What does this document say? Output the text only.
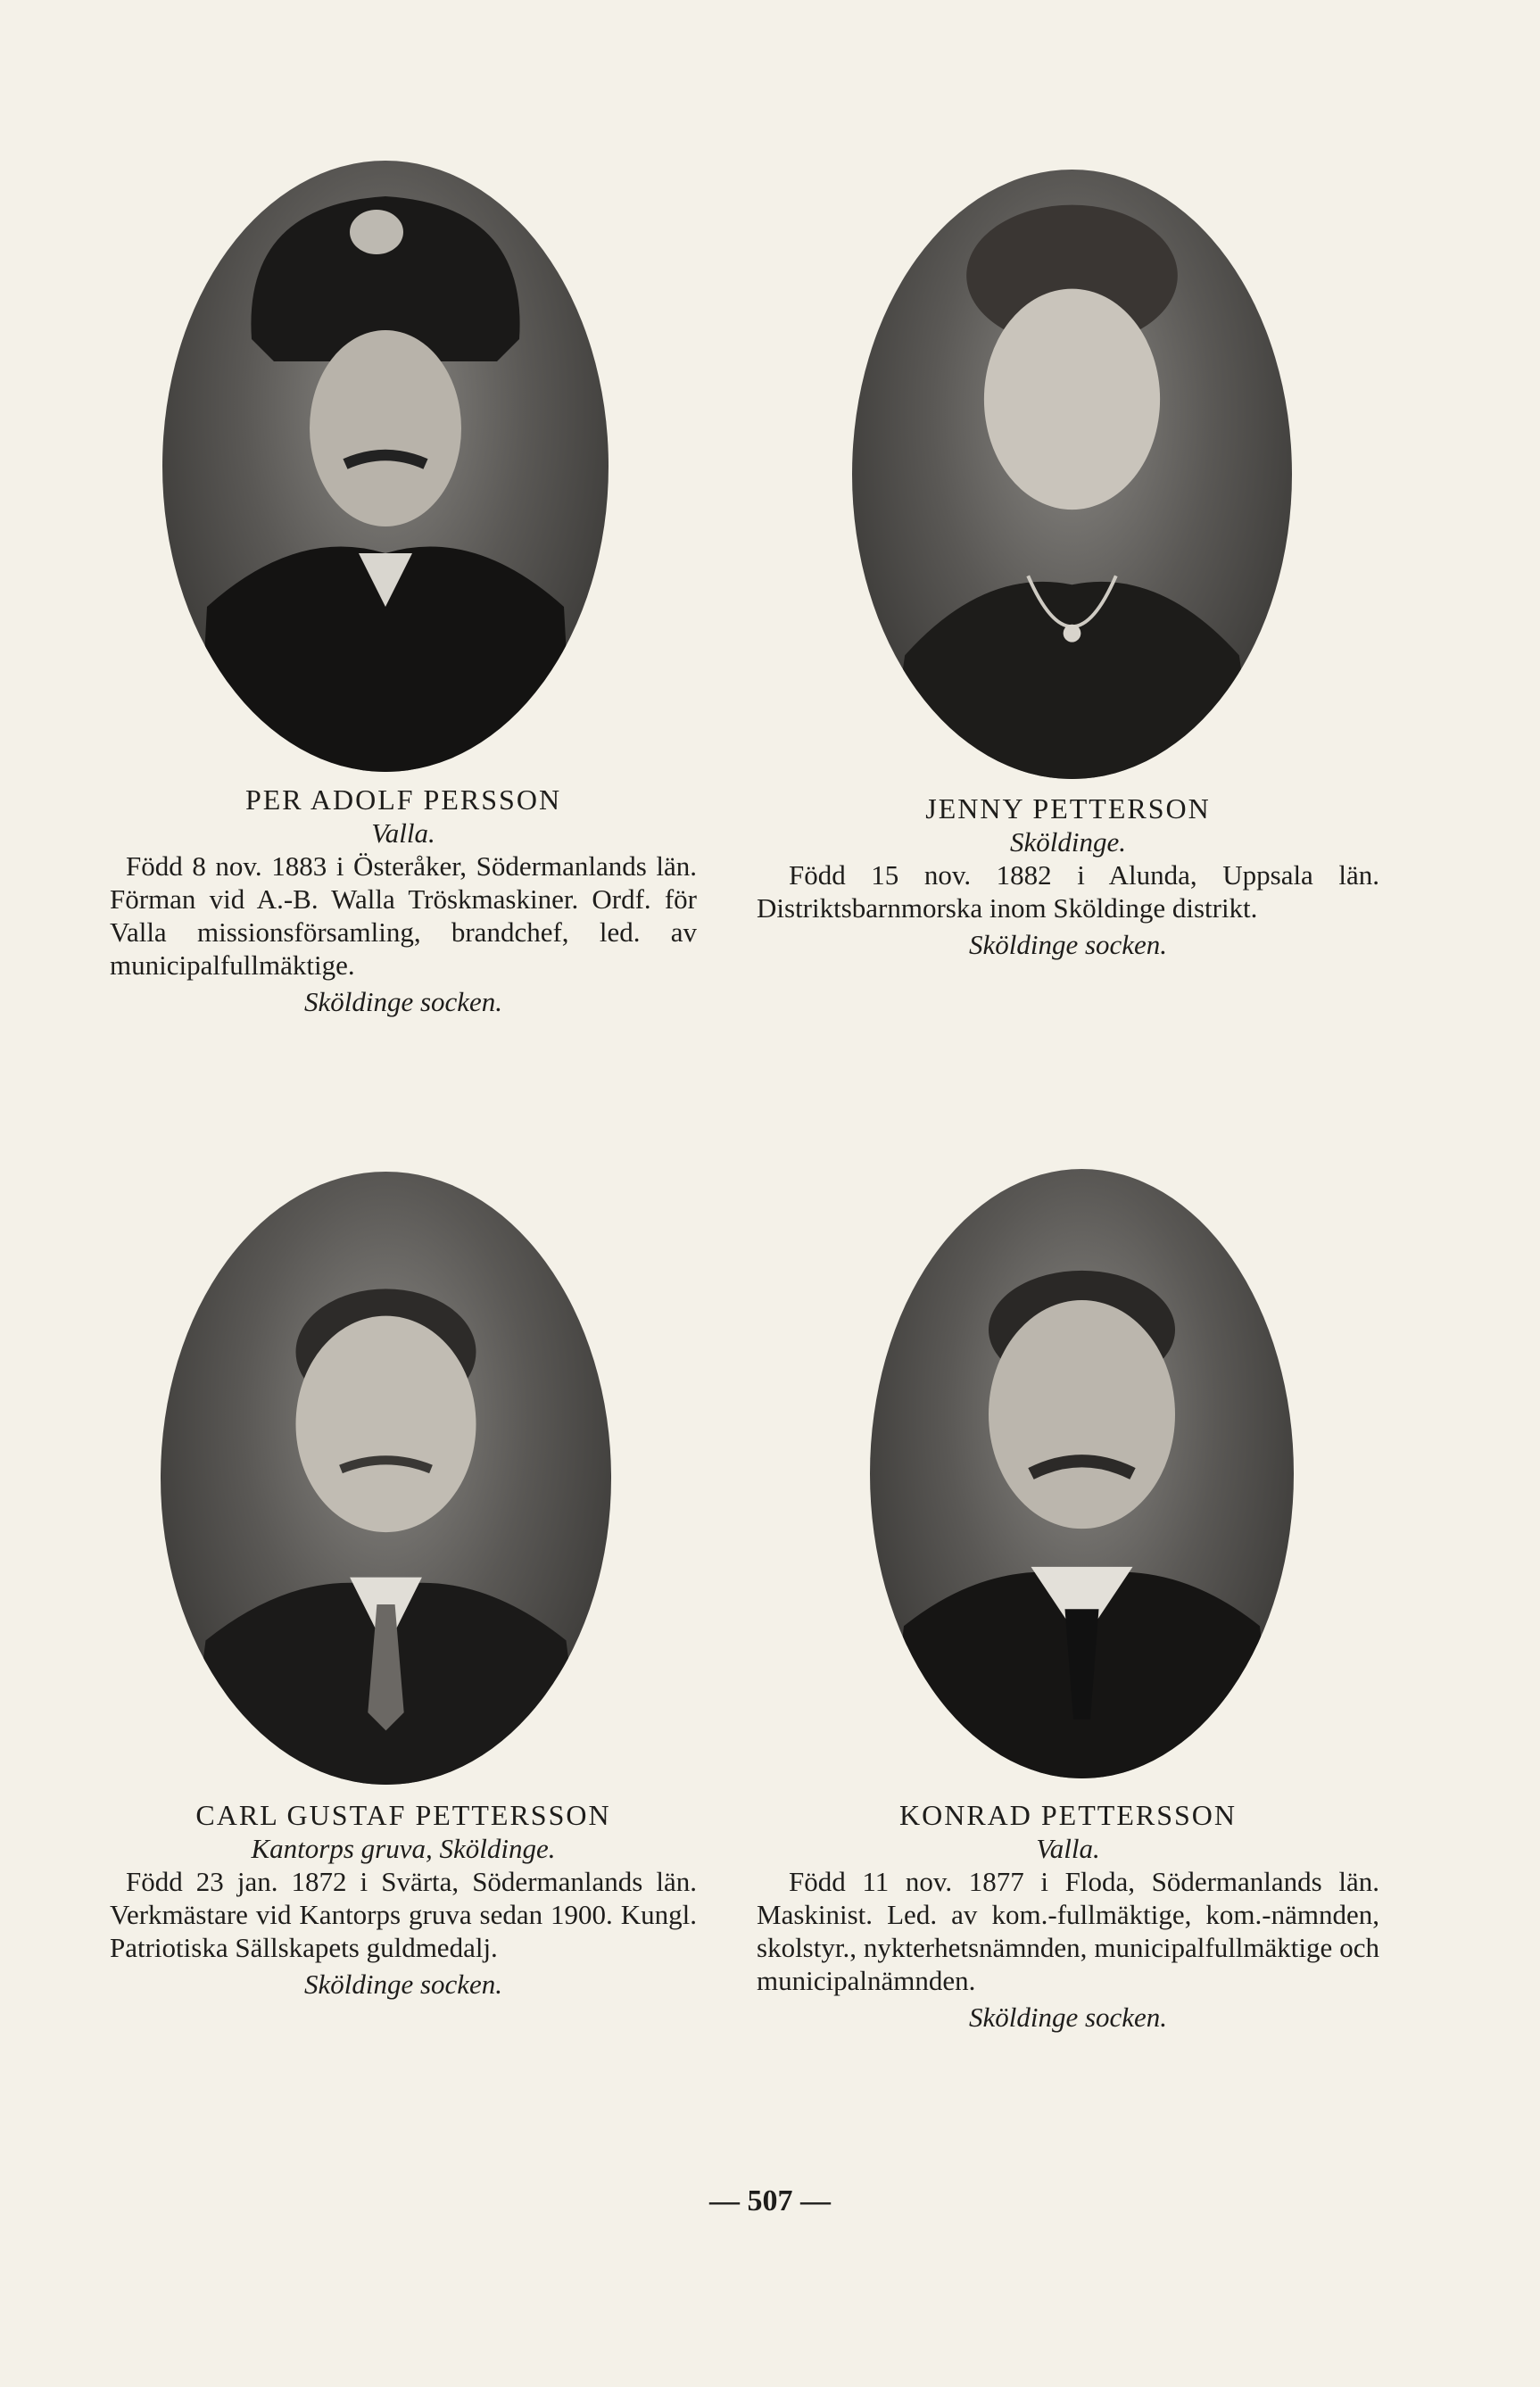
PER ADOLF PERSSON
Valla.
Född 8 nov. 1883 i Österåker, Södermanlands län. Förman vid A.-B. Walla Tröskmaskiner. Ordf. för Valla missionsförsamling, brandchef, led. av municipalfullmäktige.
Sköldinge socken.
JENNY PETTERSON
Sköldinge.
Född 15 nov. 1882 i Alunda, Uppsala län. Distriktsbarnmorska inom Sköldinge distrikt.
Sköldinge socken.
CARL GUSTAF PETTERSSON
Kantorps gruva, Sköldinge.
Född 23 jan. 1872 i Svärta, Södermanlands län. Verkmästare vid Kantorps gruva sedan 1900. Kungl. Patriotiska Sällskapets guldmedalj.
Sköldinge socken.
KONRAD PETTERSSON
Valla.
Född 11 nov. 1877 i Floda, Södermanlands län. Maskinist. Led. av kom.-fullmäktige, kom.-nämnden, skolstyr., nykterhetsnämnden, municipalfullmäktige och municipalnämnden.
Sköldinge socken.
— 507 —
